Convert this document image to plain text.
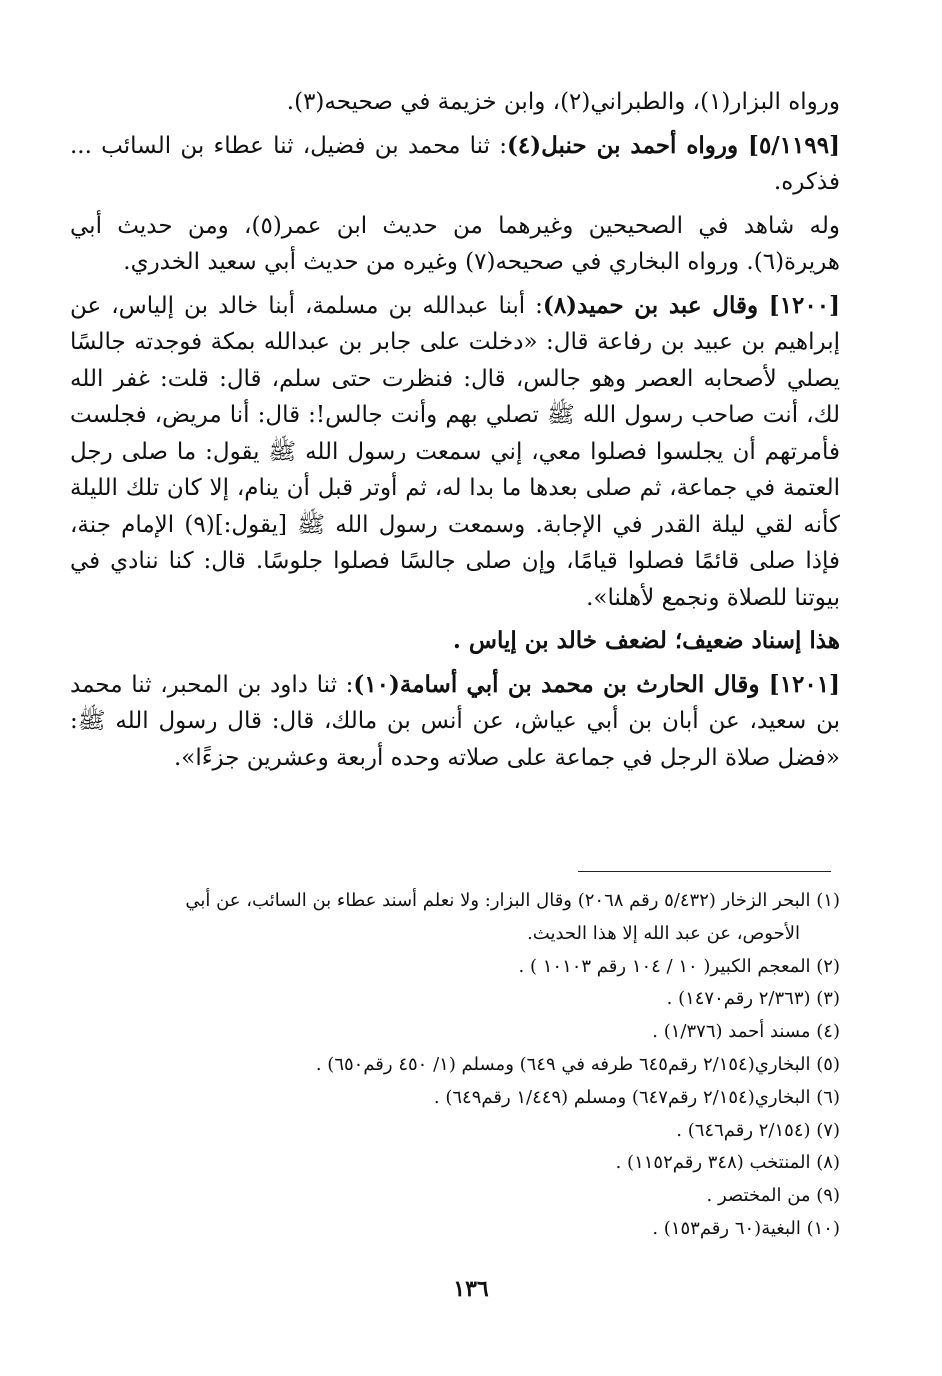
ورواه البزار(١)، والطبراني(٢)، وابن خزيمة في صحيحه(٣).

[٥/١١٩٩] ورواه أحمد بن حنبل(٤): ثنا محمد بن فضيل، ثنا عطاء بن السائب ... فذكره.

وله شاهد في الصحيحين وغيرهما من حديث ابن عمر(٥)، ومن حديث أبي هريرة(٦). ورواه البخاري في صحيحه(٧) وغيره من حديث أبي سعيد الخدري.

[١٢٠٠] وقال عبد بن حميد(٨): أبنا عبدالله بن مسلمة، أبنا خالد بن إلياس، عن إبراهيم بن عبيد بن رفاعة قال: «دخلت على جابر بن عبدالله بمكة فوجدته جالسًا يصلي لأصحابه العصر وهو جالس، قال: فنظرت حتى سلم، قال: قلت: غفر الله لك، أنت صاحب رسول الله ﷺ تصلي بهم وأنت جالس!: قال: أنا مريض، فجلست فأمرتهم أن يجلسوا فصلوا معي، إني سمعت رسول الله ﷺ يقول: ما صلى رجل العتمة في جماعة، ثم صلى بعدها ما بدا له، ثم أوتر قبل أن ينام، إلا كان تلك الليلة كأنه لقي ليلة القدر في الإجابة. وسمعت رسول الله ﷺ [يقول:](٩) الإمام جنة، فإذا صلى قائمًا فصلوا قيامًا، وإن صلى جالسًا فصلوا جلوسًا. قال: كنا ننادي في بيوتنا للصلاة ونجمع لأهلنا».

هذا إسناد ضعيف؛ لضعف خالد بن إياس .

[١٢٠١] وقال الحارث بن محمد بن أبي أسامة(١٠): ثنا داود بن المحبر، ثنا محمد بن سعيد، عن أبان بن أبي عياش، عن أنس بن مالك، قال: قال رسول الله ﷺ: «فضل صلاة الرجل في جماعة على صلاته وحده أربعة وعشرين جزءًا».

(١) البحر الزخار (٥/٤٣٢ رقم ٢٠٦٨) وقال البزار: ولا نعلم أسند عطاء بن السائب، عن أبي
الأحوص، عن عبد الله إلا هذا الحديث.

(٢) المعجم الكبير( ١٠ / ١٠٤ رقم ١٠١٠٣ ) .

(٣) (٢/٣٦٣ رقم١٤٧٠) .

(٤) مسند أحمد (١/٣٧٦) .

(٥) البخاري(٢/١٥٤ رقم٦٤٥ طرفه في ٦٤٩) ومسلم (١/ ٤٥٠ رقم٦٥٠) .

(٦) البخاري(٢/١٥٤ رقم٦٤٧) ومسلم (١/٤٤٩ رقم٦٤٩) .

(٧) (٢/١٥٤ رقم٦٤٦) .

(٨) المنتخب (٣٤٨ رقم١١٥٢) .

(٩) من المختصر .

(١٠) البغية(٦٠ رقم١٥٣) .

١٣٦
